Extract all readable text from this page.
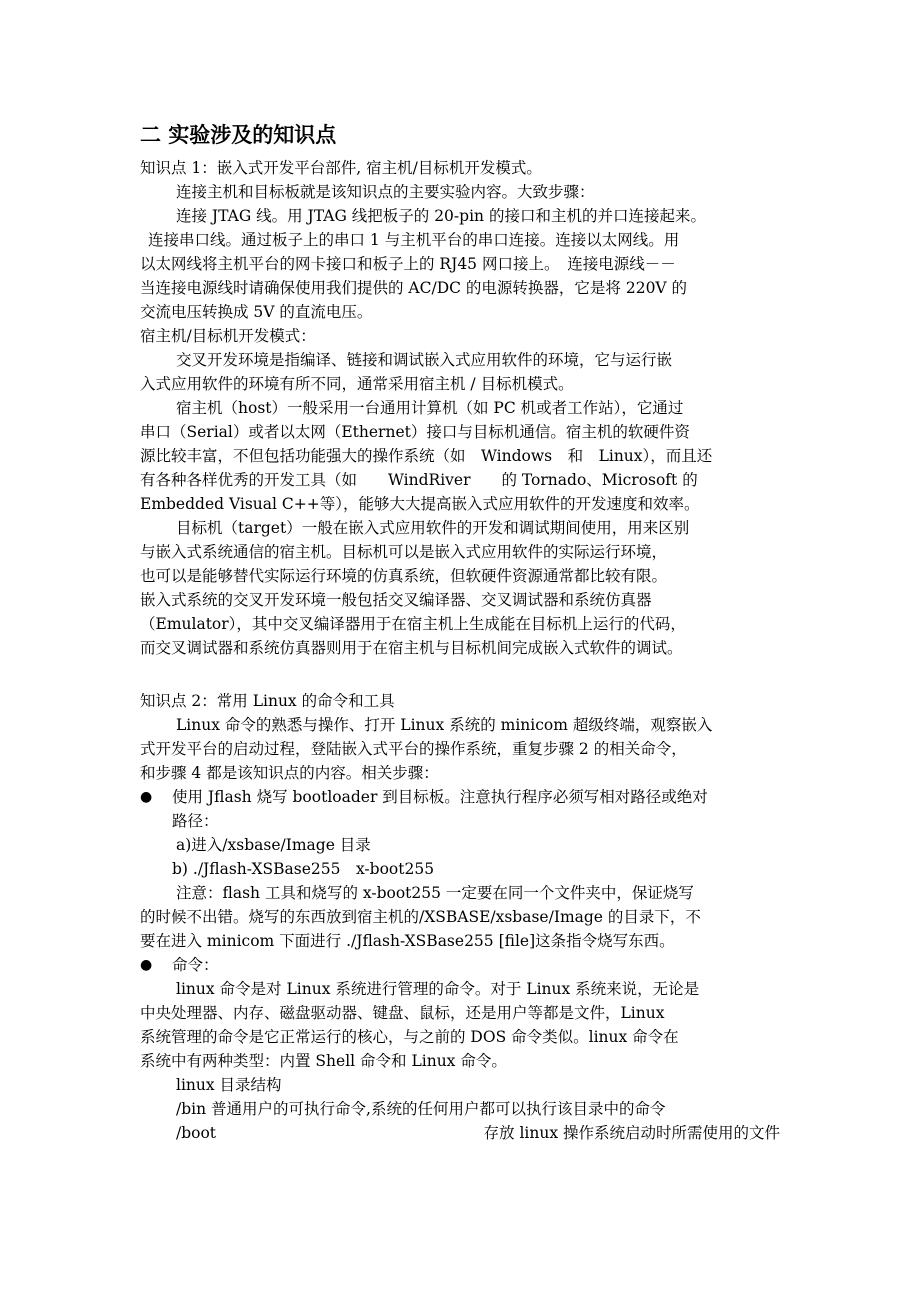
二 实验涉及的知识点
知识点 1：嵌入式开发平台部件, 宿主机/目标机开发模式。
连接主机和目标板就是该知识点的主要实验内容。大致步骤：
连接 JTAG 线。用 JTAG 线把板子的 20-pin 的接口和主机的并口连接起来。
连接串口线。通过板子上的串口 1 与主机平台的串口连接。连接以太网线。用
以太网线将主机平台的网卡接口和板子上的 RJ45 网口接上。　连接电源线－－
当连接电源线时请确保使用我们提供的 AC/DC 的电源转换器，它是将 220V 的
交流电压转换成 5V 的直流电压。
宿主机/目标机开发模式：
交叉开发环境是指编译、链接和调试嵌入式应用软件的环境，它与运行嵌
入式应用软件的环境有所不同，通常采用宿主机 / 目标机模式。
宿主机（host）一般采用一台通用计算机（如 PC 机或者工作站），它通过
串口（Serial）或者以太网（Ethernet）接口与目标机通信。宿主机的软硬件资
源比较丰富，不但包括功能强大的操作系统（如　Windows　和　Linux），而且还
有各种各样优秀的开发工具（如　　WindRiver　　的 Tornado、Microsoft 的
Embedded Visual C++等），能够大大提高嵌入式应用软件的开发速度和效率。
目标机（target）一般在嵌入式应用软件的开发和调试期间使用，用来区别
与嵌入式系统通信的宿主机。目标机可以是嵌入式应用软件的实际运行环境，
也可以是能够替代实际运行环境的仿真系统，但软硬件资源通常都比较有限。
嵌入式系统的交叉开发环境一般包括交叉编译器、交叉调试器和系统仿真器
（Emulator），其中交叉编译器用于在宿主机上生成能在目标机上运行的代码，
而交叉调试器和系统仿真器则用于在宿主机与目标机间完成嵌入式软件的调试。
知识点 2：常用 Linux 的命令和工具
Linux 命令的熟悉与操作、打开 Linux 系统的 minicom 超级终端，观察嵌入
式开发平台的启动过程，登陆嵌入式平台的操作系统，重复步骤 2 的相关命令，
和步骤 4 都是该知识点的内容。相关步骤：
● 使用 Jflash 烧写 bootloader 到目标板。注意执行程序必须写相对路径或绝对
路径：
a)进入/xsbase/Image 目录
b) ./Jflash-XSBase255　x-boot255
注意：flash 工具和烧写的 x-boot255 一定要在同一个文件夹中，保证烧写
的时候不出错。烧写的东西放到宿主机的/XSBASE/xsbase/Image 的目录下，不
要在进入 minicom 下面进行 ./Jflash-XSBase255 [file]这条指令烧写东西。
● 命令：
linux 命令是对 Linux 系统进行管理的命令。对于 Linux 系统来说，无论是
中央处理器、内存、磁盘驱动器、键盘、鼠标，还是用户等都是文件，Linux
系统管理的命令是它正常运行的核心，与之前的 DOS 命令类似。linux 命令在
系统中有两种类型：内置 Shell 命令和 Linux 命令。
linux 目录结构
/bin 普通用户的可执行命令,系统的任何用户都可以执行该目录中的命令
/boot	存放 linux 操作系统启动时所需使用的文件
